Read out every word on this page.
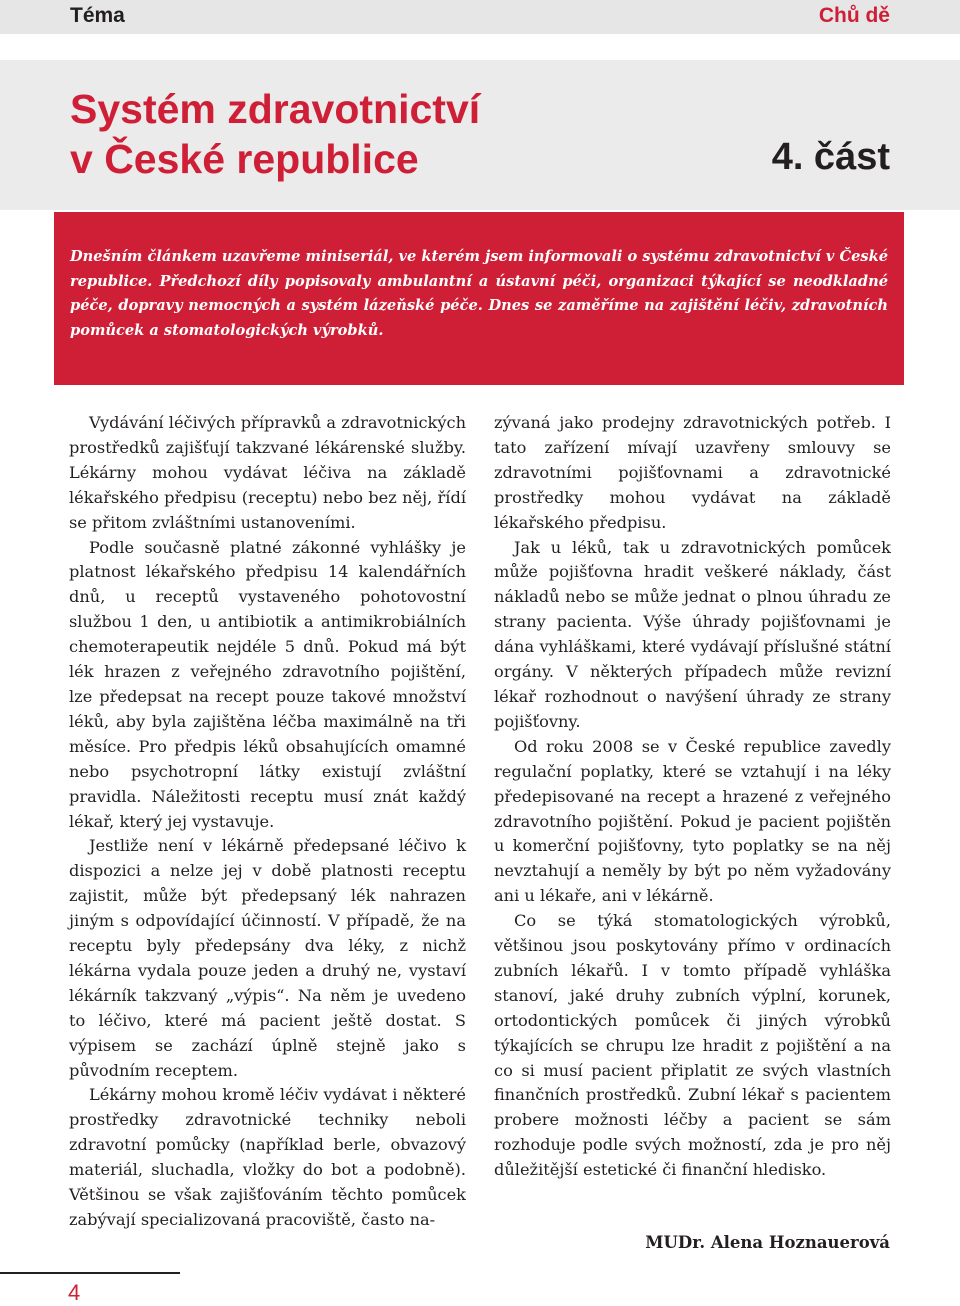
Téma	Chů dě
Systém zdravotnictví
v České republice	4. část

Dnešním článkem uzavřeme miniseriál, ve kterém jsem informovali o systému zdravotnictví v České republice. Předchozí díly popisovaly ambulantní a ústavní péči, organizaci týkající se neodkladné péče, dopravy nemocných a systém lázeňské péče. Dnes se zaměříme na zajištění léčiv, zdravotních pomůcek a stomatologických výrobků.

Vydávání léčivých přípravků a zdravotnických prostředků zajišťují takzvané lékárenské služby. Lékárny mohou vydávat léčiva na základě lékařského předpisu (receptu) nebo bez něj, řídí se přitom zvláštními ustanoveními.

Podle současně platné zákonné vyhlášky je platnost lékařského předpisu 14 kalendářních dnů, u receptů vystaveného pohotovostní službou 1 den, u antibiotik a antimikrobiálních chemoterapeutik nejdéle 5 dnů. Pokud má být lék hrazen z veřejného zdravotního pojištění, lze předepsat na recept pouze takové množství léků, aby byla zajištěna léčba maximálně na tři měsíce. Pro předpis léků obsahujících omamné nebo psychotropní látky existují zvláštní pravidla. Náležitosti receptu musí znát každý lékař, který jej vystavuje.

Jestliže není v lékárně předepsané léčivo k dispozici a nelze jej v době platnosti receptu zajistit, může být předepsaný lék nahrazen jiným s odpovídající účinností. V případě, že na receptu byly předepsány dva léky, z nichž lékárna vydala pouze jeden a druhý ne, vystaví lékárník takzvaný „výpis“. Na něm je uvedeno to léčivo, které má pacient ještě dostat. S výpisem se zachází úplně stejně jako s původním receptem.

Lékárny mohou kromě léčiv vydávat i některé prostředky zdravotnické techniky neboli zdravotní pomůcky (například berle, obvazový materiál, sluchadla, vložky do bot a podobně). Většinou se však zajišťováním těchto pomůcek zabývají specializovaná pracoviště, často na-

zývaná jako prodejny zdravotnických potřeb. I tato zařízení mívají uzavřeny smlouvy se zdravotními pojišťovnami a zdravotnické prostředky mohou vydávat na základě lékařského předpisu.

Jak u léků, tak u zdravotnických pomůcek může pojišťovna hradit veškeré náklady, část nákladů nebo se může jednat o plnou úhradu ze strany pacienta. Výše úhrady pojišťovnami je dána vyhláškami, které vydávají příslušné státní orgány. V některých případech může revizní lékař rozhodnout o navýšení úhrady ze strany pojišťovny.

Od roku 2008 se v České republice zavedly regulační poplatky, které se vztahují i na léky předepisované na recept a hrazené z veřejného zdravotního pojištění. Pokud je pacient pojištěn u komerční pojišťovny, tyto poplatky se na něj nevztahují a neměly by být po něm vyžadovány ani u lékaře, ani v lékárně.

Co se týká stomatologických výrobků, většinou jsou poskytovány přímo v ordinacích zubních lékařů. I v tomto případě vyhláška stanoví, jaké druhy zubních výplní, korunek, ortodontických pomůcek či jiných výrobků týkajících se chrupu lze hradit z pojištění a na co si musí pacient připlatit ze svých vlastních finančních prostředků. Zubní lékař s pacientem probere možnosti léčby a pacient se sám rozhoduje podle svých možností, zda je pro něj důležitější estetické či finanční hledisko.

MUDr. Alena Hoznauerová
4
